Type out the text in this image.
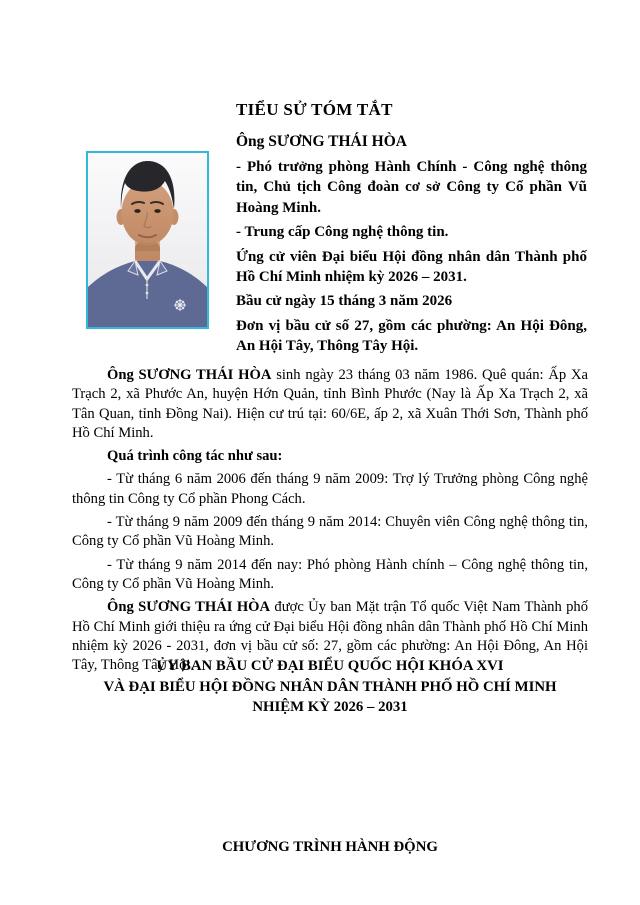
TIỂU SỬ TÓM TẮT
Ông SƯƠNG THÁI HÒA

- Phó trưởng phòng Hành Chính - Công nghệ thông tin, Chủ tịch Công đoàn cơ sở Công ty Cổ phần Vũ Hoàng Minh.

- Trung cấp Công nghệ thông tin.

Ứng cử viên Đại biểu Hội đồng nhân dân Thành phố Hồ Chí Minh nhiệm kỳ 2026 – 2031.

Bầu cử ngày 15 tháng 3 năm 2026

Đơn vị bầu cử số 27, gồm các phường: An Hội Đông, An Hội Tây, Thông Tây Hội.

Ông SƯƠNG THÁI HÒA sinh ngày 23 tháng 03 năm 1986. Quê quán: Ấp Xa Trạch 2, xã Phước An, huyện Hớn Quản, tỉnh Bình Phước (Nay là Ấp Xa Trạch 2, xã Tân Quan, tỉnh Đồng Nai). Hiện cư trú tại: 60/6E, ấp 2, xã Xuân Thới Sơn, Thành phố Hồ Chí Minh.

Quá trình công tác như sau:

- Từ tháng 6 năm 2006 đến tháng 9 năm 2009: Trợ lý Trưởng phòng Công nghệ thông tin Công ty Cổ phần Phong Cách.

- Từ tháng 9 năm 2009 đến tháng 9 năm 2014: Chuyên viên Công nghệ thông tin, Công ty Cổ phần Vũ Hoàng Minh.

- Từ tháng 9 năm 2014 đến nay: Phó phòng Hành chính – Công nghệ thông tin, Công ty Cổ phần Vũ Hoàng Minh.

Ông SƯƠNG THÁI HÒA được Ủy ban Mặt trận Tổ quốc Việt Nam Thành phố Hồ Chí Minh giới thiệu ra ứng cử Đại biểu Hội đồng nhân dân Thành phố Hồ Chí Minh nhiệm kỳ 2026 - 2031, đơn vị bầu cử số: 27, gồm các phường: An Hội Đông, An Hội Tây, Thông Tây Hội.

ỦY BAN BẦU CỬ ĐẠI BIỂU QUỐC HỘI KHÓA XVI
VÀ ĐẠI BIỂU HỘI ĐỒNG NHÂN DÂN THÀNH PHỐ HỒ CHÍ MINH
NHIỆM KỲ 2026 – 2031
CHƯƠNG TRÌNH HÀNH ĐỘNG
